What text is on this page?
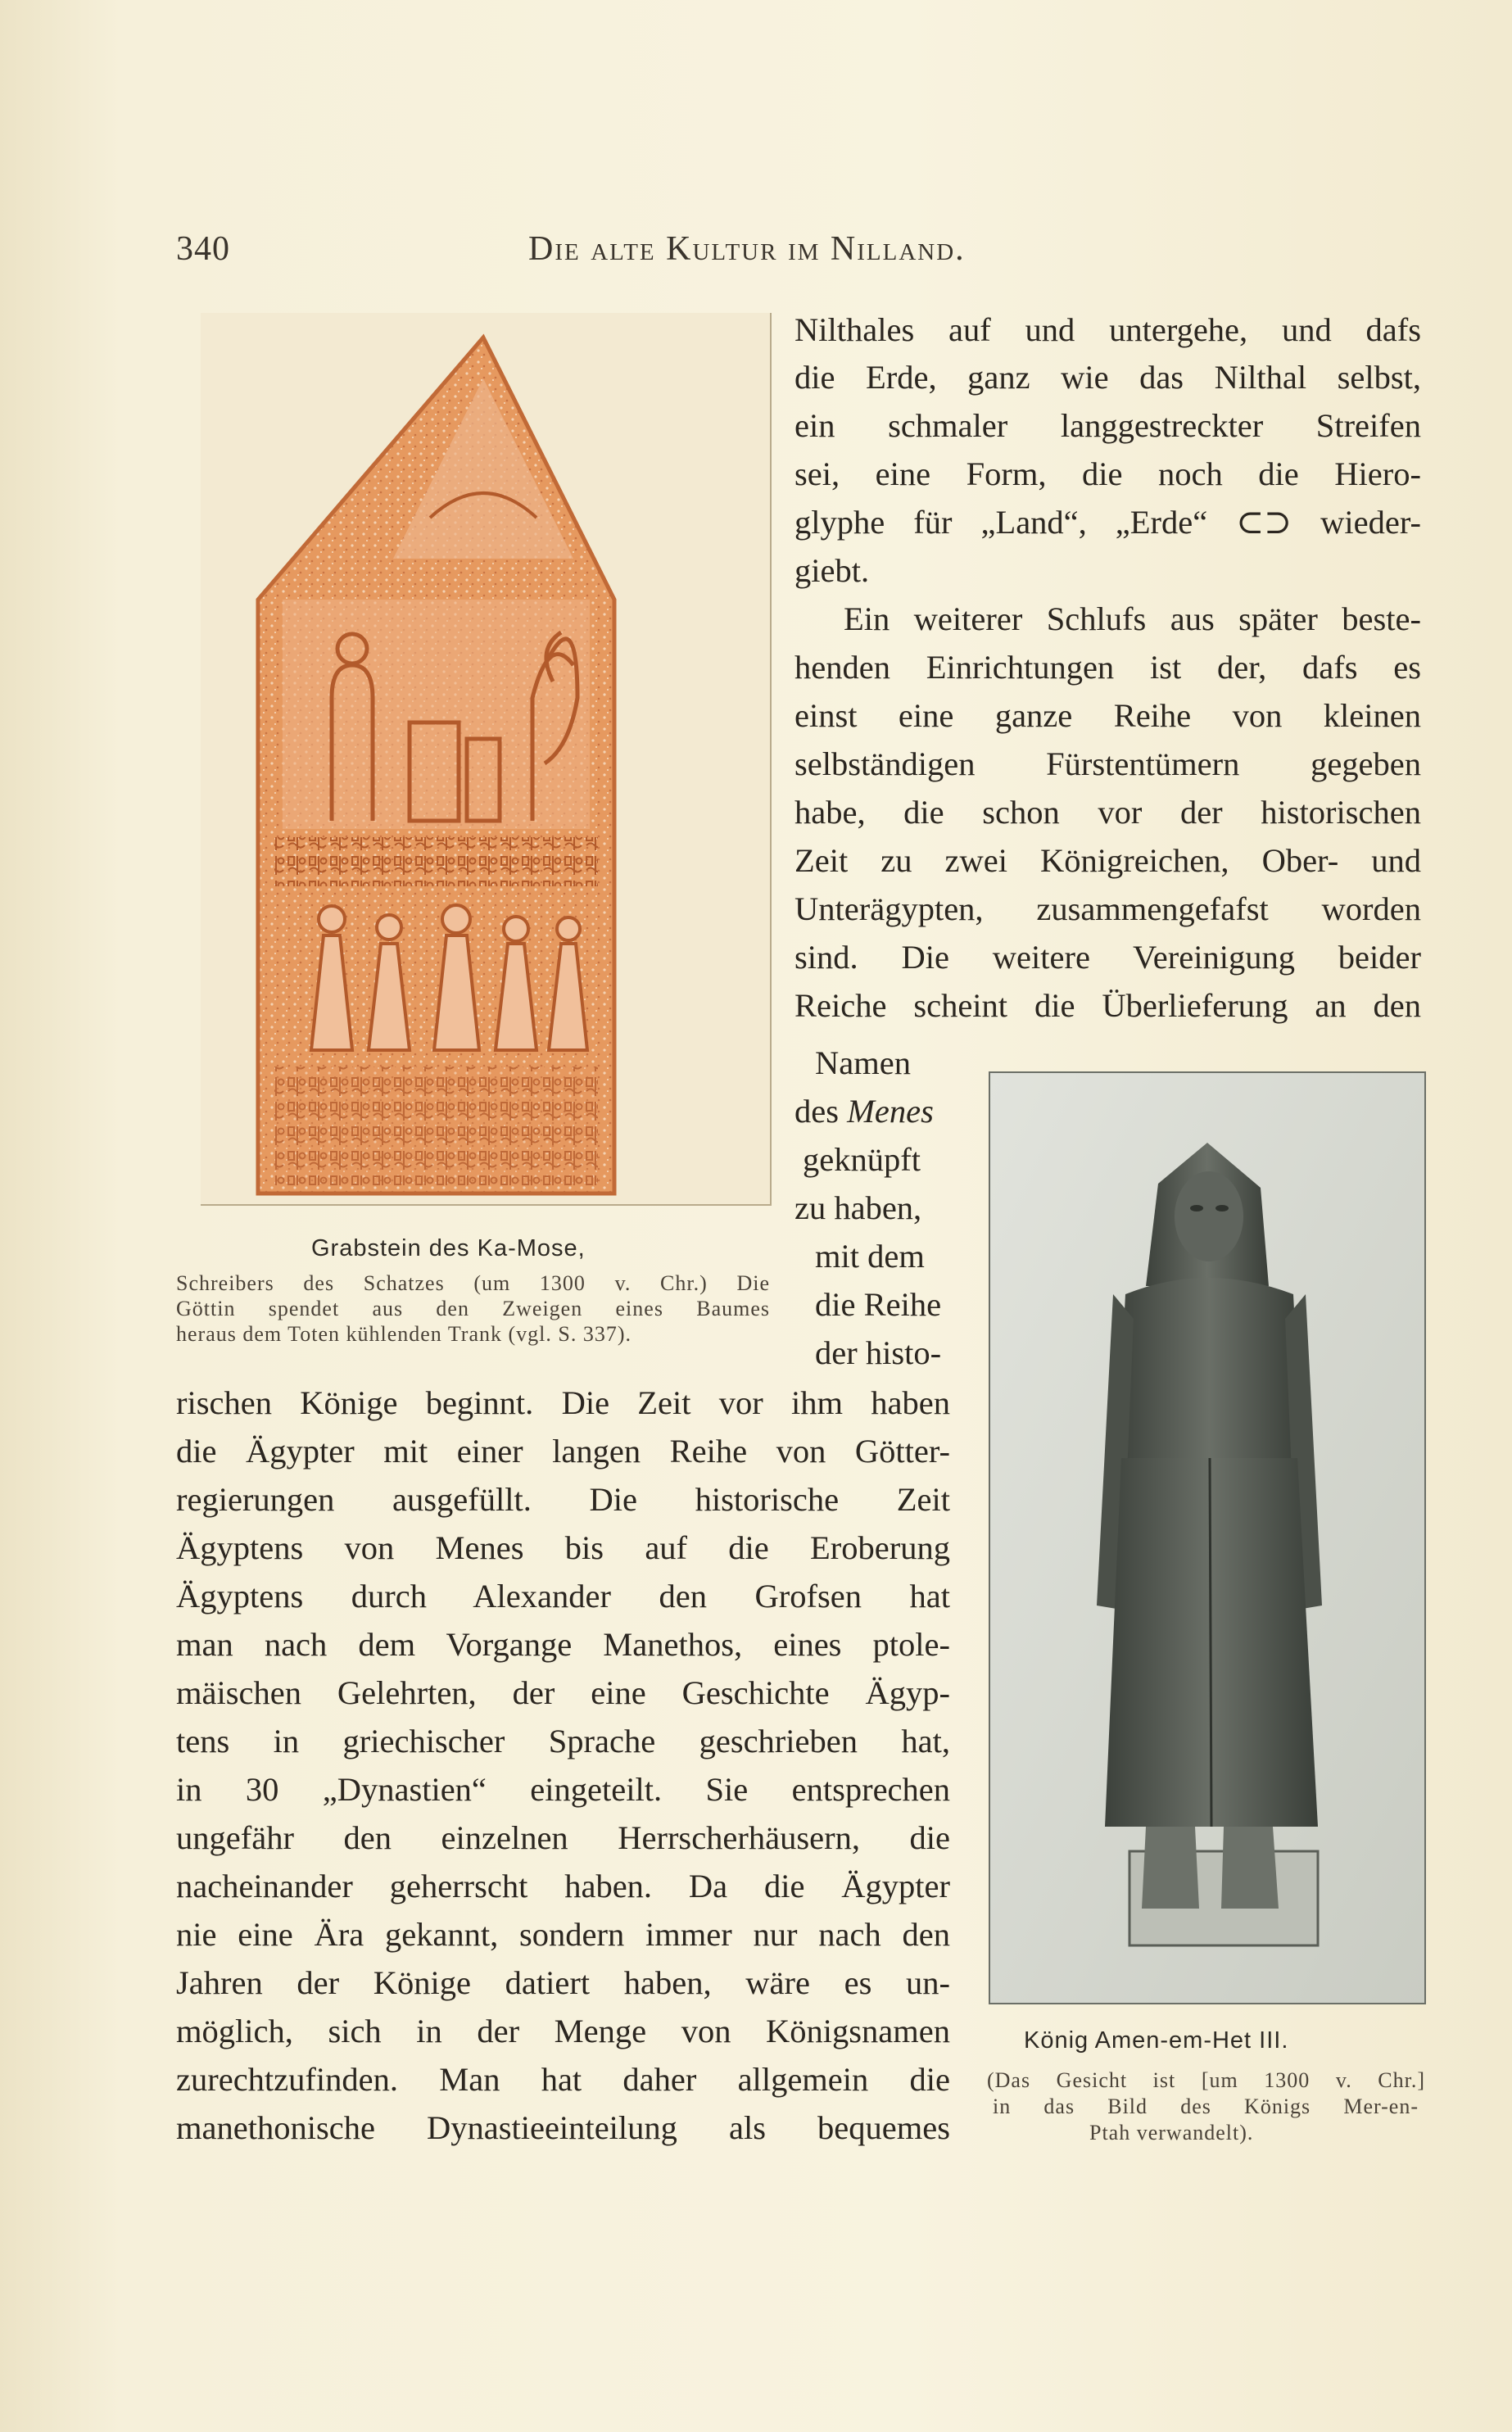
340	Die alte Kultur im Nilland.
Grabstein des Ka-Mose,
Schreibers des Schatzes (um 1300 v. Chr.) Die
Göttin spendet aus den Zweigen eines Baumes
heraus dem Toten kühlenden Trank (vgl. S. 337).
Nilthales auf und untergehe, und dafs
die Erde, ganz wie das Nilthal selbst,
ein schmaler langgestreckter Streifen
sei, eine Form, die noch die Hiero-
glyphe für „Land“, „Erde“ ⊂⊃ wieder-
giebt.
Ein weiterer Schlufs aus später beste-
henden Einrichtungen ist der, dafs es
einst eine ganze Reihe von kleinen
selbständigen Fürstentümern gegeben
habe, die schon vor der historischen
Zeit zu zwei Königreichen, Ober- und
Unterägypten, zusammengefafst worden
sind. Die weitere Vereinigung beider
Reiche scheint die Überlieferung an den
Namen
des Menes
geknüpft
zu haben,
mit dem
die Reihe
der histo-
rischen Könige beginnt. Die Zeit vor ihm haben
die Ägypter mit einer langen Reihe von Götter-
regierungen ausgefüllt. Die historische Zeit
Ägyptens von Menes bis auf die Eroberung
Ägyptens durch Alexander den Grofsen hat
man nach dem Vorgange Manethos, eines ptole-
mäischen Gelehrten, der eine Geschichte Ägyp-
tens in griechischer Sprache geschrieben hat,
in 30 „Dynastien“ eingeteilt. Sie entsprechen
ungefähr den einzelnen Herrscherhäusern, die
nacheinander geherrscht haben. Da die Ägypter
nie eine Ära gekannt, sondern immer nur nach den
Jahren der Könige datiert haben, wäre es un-
möglich, sich in der Menge von Königsnamen
zurechtzufinden. Man hat daher allgemein die
manethonische Dynastieeinteilung als bequemes
König Amen-em-Het III.
(Das Gesicht ist [um 1300 v. Chr.]
in das Bild des Königs Mer-en-
Ptah verwandelt).
